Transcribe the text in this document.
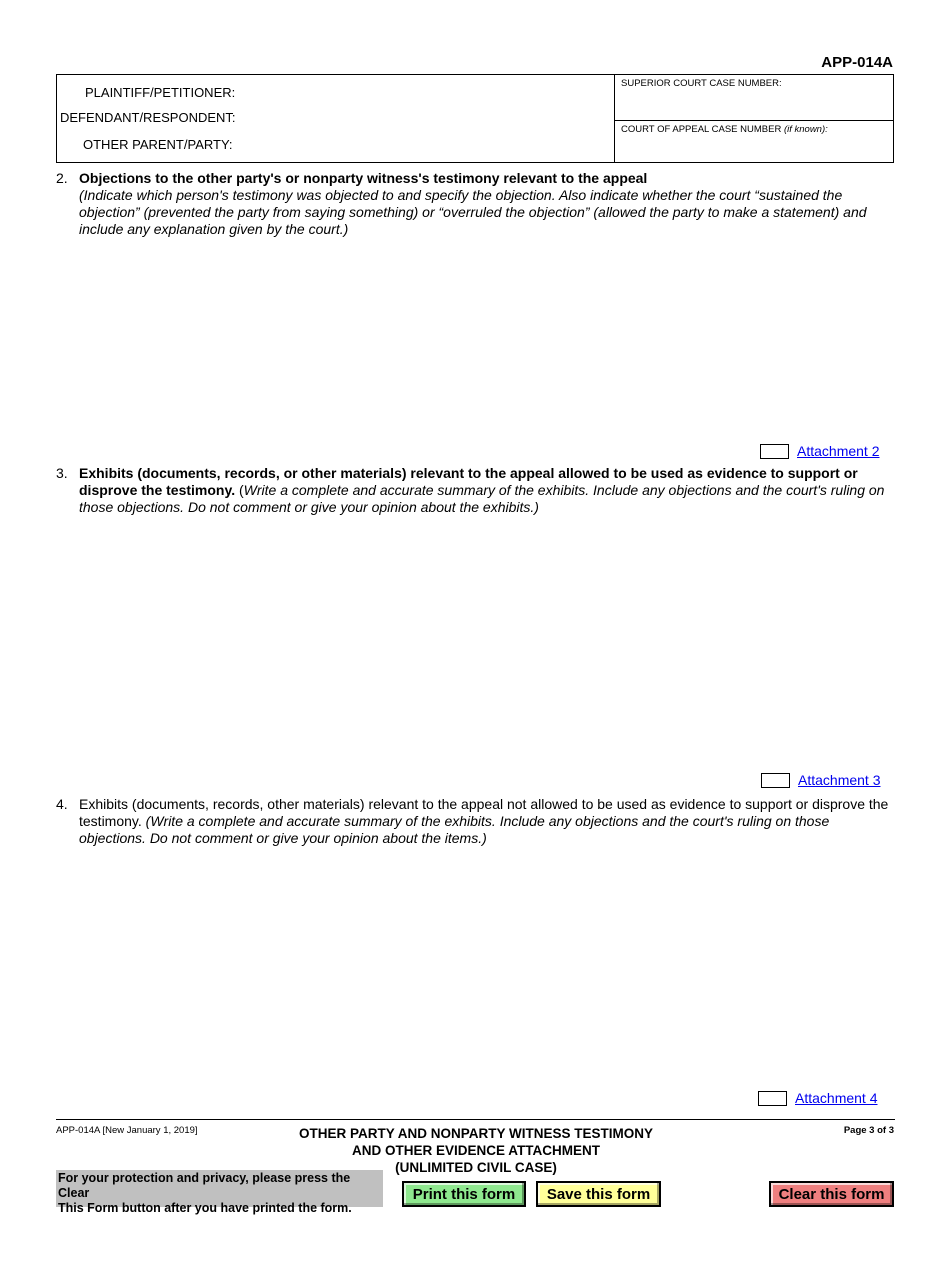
APP-014A
PLAINTIFF/PETITIONER:
DEFENDANT/RESPONDENT:
OTHER PARENT/PARTY:
SUPERIOR COURT CASE NUMBER:
COURT OF APPEAL CASE NUMBER (if known):
2. Objections to the other party's or nonparty witness's testimony relevant to the appeal
(Indicate which person's testimony was objected to and specify the objection. Also indicate whether the court “sustained the objection” (prevented the party from saying something) or “overruled the objection” (allowed the party to make a statement) and include any explanation given by the court.)
Attachment 2
3. Exhibits (documents, records, or other materials) relevant to the appeal allowed to be used as evidence to support or disprove the testimony. (Write a complete and accurate summary of the exhibits. Include any objections and the court's ruling on those objections. Do not comment or give your opinion about the exhibits.)
Attachment 3
4. Exhibits (documents, records, other materials) relevant to the appeal not allowed to be used as evidence to support or disprove the testimony. (Write a complete and accurate summary of the exhibits. Include any objections and the court's ruling on those objections. Do not comment or give your opinion about the items.)
Attachment 4
APP-014A [New January 1, 2019]	OTHER PARTY AND NONPARTY WITNESS TESTIMONY
AND OTHER EVIDENCE ATTACHMENT
(UNLIMITED CIVIL CASE)
Page 3 of 3
For your protection and privacy, please press the Clear
This Form button after you have printed the form.
Print this form	Save this form	Clear this form
